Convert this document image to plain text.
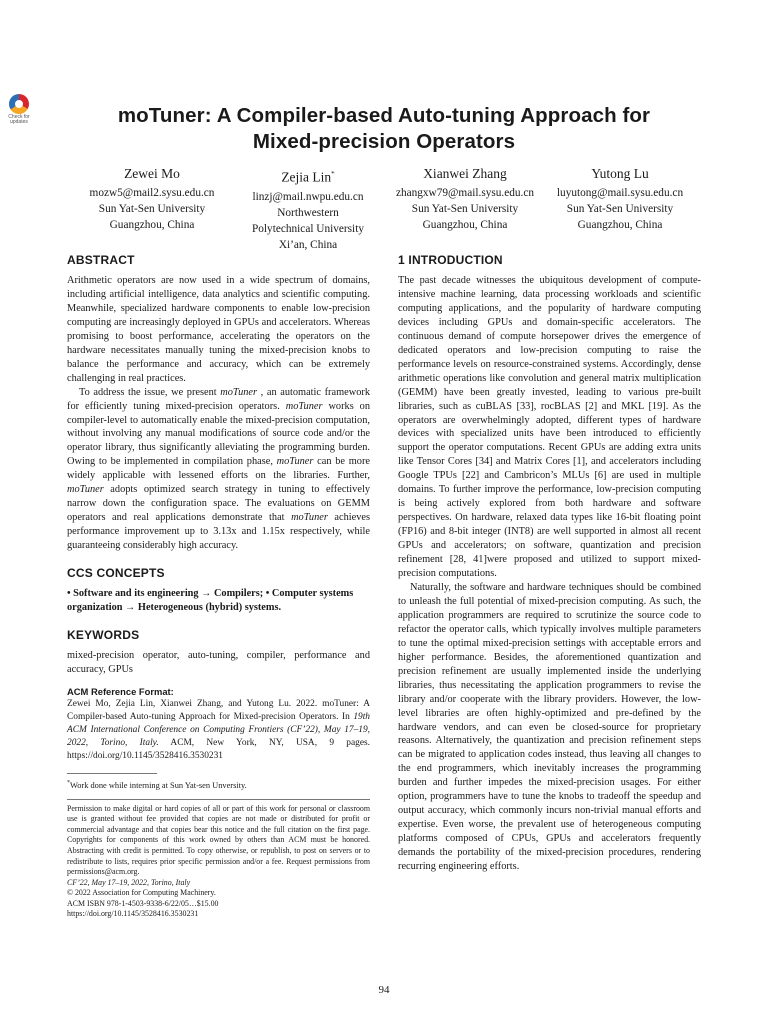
Check for
updates	moTuner: A Compiler-based Auto-tuning Approach for
Mixed-precision Operators
Zewei Mo
mozw5@mail2.sysu.edu.cn
Sun Yat-Sen University
Guangzhou, China
Zejia Lin*
linzj@mail.nwpu.edu.cn
Northwestern
Polytechnical University
Xi’an, China
Xianwei Zhang
zhangxw79@mail.sysu.edu.cn
Sun Yat-Sen University
Guangzhou, China
Yutong Lu
luyutong@mail.sysu.edu.cn
Sun Yat-Sen University
Guangzhou, China
ABSTRACT

Arithmetic operators are now used in a wide spectrum of domains, including artificial intelligence, data analytics and scientific computing. Meanwhile, specialized hardware components to enable low-precision computing are increasingly deployed in GPUs and accelerators. Whereas promising to boost performance, accelerating the operators on the hardware necessitates manually tuning the mixed-precision knobs to balance the performance and accuracy, which can be extremely challenging in real practices.

To address the issue, we present moTuner , an automatic framework for efficiently tuning mixed-precision operators. moTuner works on compiler-level to automatically enable the mixed-precision computation, without involving any manual modifications of source code and/or the operator library, thus significantly alleviating the programming burden. Owing to be implemented in compilation phase, moTuner can be more widely applicable with lessened efforts on the libraries. Further, moTuner adopts optimized search strategy in tuning to effectively narrow down the configuration space. The evaluations on GEMM operators and real applications demonstrate that moTuner achieves performance improvement up to 3.13x and 1.15x respectively, while guaranteeing considerably high accuracy.

CCS CONCEPTS

• Software and its engineering → Compilers; • Computer systems organization → Heterogeneous (hybrid) systems.

KEYWORDS

mixed-precision operator, auto-tuning, compiler, performance and accuracy, GPUs

ACM Reference Format:

Zewei Mo, Zejia Lin, Xianwei Zhang, and Yutong Lu. 2022. moTuner: A Compiler-based Auto-tuning Approach for Mixed-precision Operators. In 19th ACM International Conference on Computing Frontiers (CF’22), May 17–19, 2022, Torino, Italy. ACM, New York, NY, USA, 9 pages. https://doi.org/10.1145/3528416.3530231

*Work done while interning at Sun Yat-sen Unversity.

Permission to make digital or hard copies of all or part of this work for personal or classroom use is granted without fee provided that copies are not made or distributed for profit or commercial advantage and that copies bear this notice and the full citation on the first page. Copyrights for components of this work owned by others than ACM must be honored. Abstracting with credit is permitted. To copy otherwise, or republish, to post on servers or to redistribute to lists, requires prior specific permission and/or a fee. Request permissions from permissions@acm.org.

CF’22, May 17–19, 2022, Torino, Italy

© 2022 Association for Computing Machinery.

ACM ISBN 978-1-4503-9338-6/22/05…$15.00

https://doi.org/10.1145/3528416.3530231

1 INTRODUCTION

The past decade witnesses the ubiquitous development of compute-intensive machine learning, data processing workloads and scientific computing applications, and the popularity of hardware computing devices including GPUs and domain-specific accelerators. The continuous demand of compute horsepower drives the emergence of dedicated operators and low-precision computing to raise the performance levels on resource-constrained systems. Accordingly, dense arithmetic operations like convolution and general matrix multiplication (GEMM) have been greatly invested, leading to various pre-built libraries, such as cuBLAS [33], rocBLAS [2] and MKL [19]. As the operators are overwhelmingly adopted, different types of hardware devices with specialized units have been introduced to efficiently support the operator computations. Recent GPUs are adding extra units like Tensor Cores [34] and Matrix Cores [1], and accelerators including Google TPUs [22] and Cambricon’s MLUs [6] are used in multiple domains. To further improve the performance, low-precision computing is being actively explored from both hardware and software perspectives. On hardware, relaxed data types like 16-bit floating point (FP16) and 8-bit integer (INT8) are well supported in almost all recent GPUs and accelerators; on software, quantization and precision refinement [28, 41]were proposed and utilized to support mixed-precision computations.

Naturally, the software and hardware techniques should be combined to unleash the full potential of mixed-precision computing. As such, the application programmers are required to scrutinize the source code to refactor the operator calls, which typically involves multiple parameters to tune the optimal mixed-precision settings with acceptable errors and higher performance. Besides, the aforementioned quantization and precision refinement are usually implemented inside the underlying libraries, thus necessitating the application programmers to revise the library and/or cooperate with the library providers. However, the low-level libraries are often highly-optimized and pre-defined by the hardware vendors, and can even be closed-source for proprietary reasons. Alternatively, the quantization and precision refinement steps can be migrated to application codes instead, thus leaving all changes to the end programmers, which inevitably increases the programming burden and further impedes the mixed-precision usages. For either option, programmers have to tune the knobs to tradeoff the speedup and output accuracy, which commonly incurs non-trivial manual efforts and expertise. Even worse, the prevalent use of heterogeneous computing platforms composed of CPUs, GPUs and accelerators frequently demands the portability of the mixed-precision procedures, rendering recurring engineering efforts.

94
